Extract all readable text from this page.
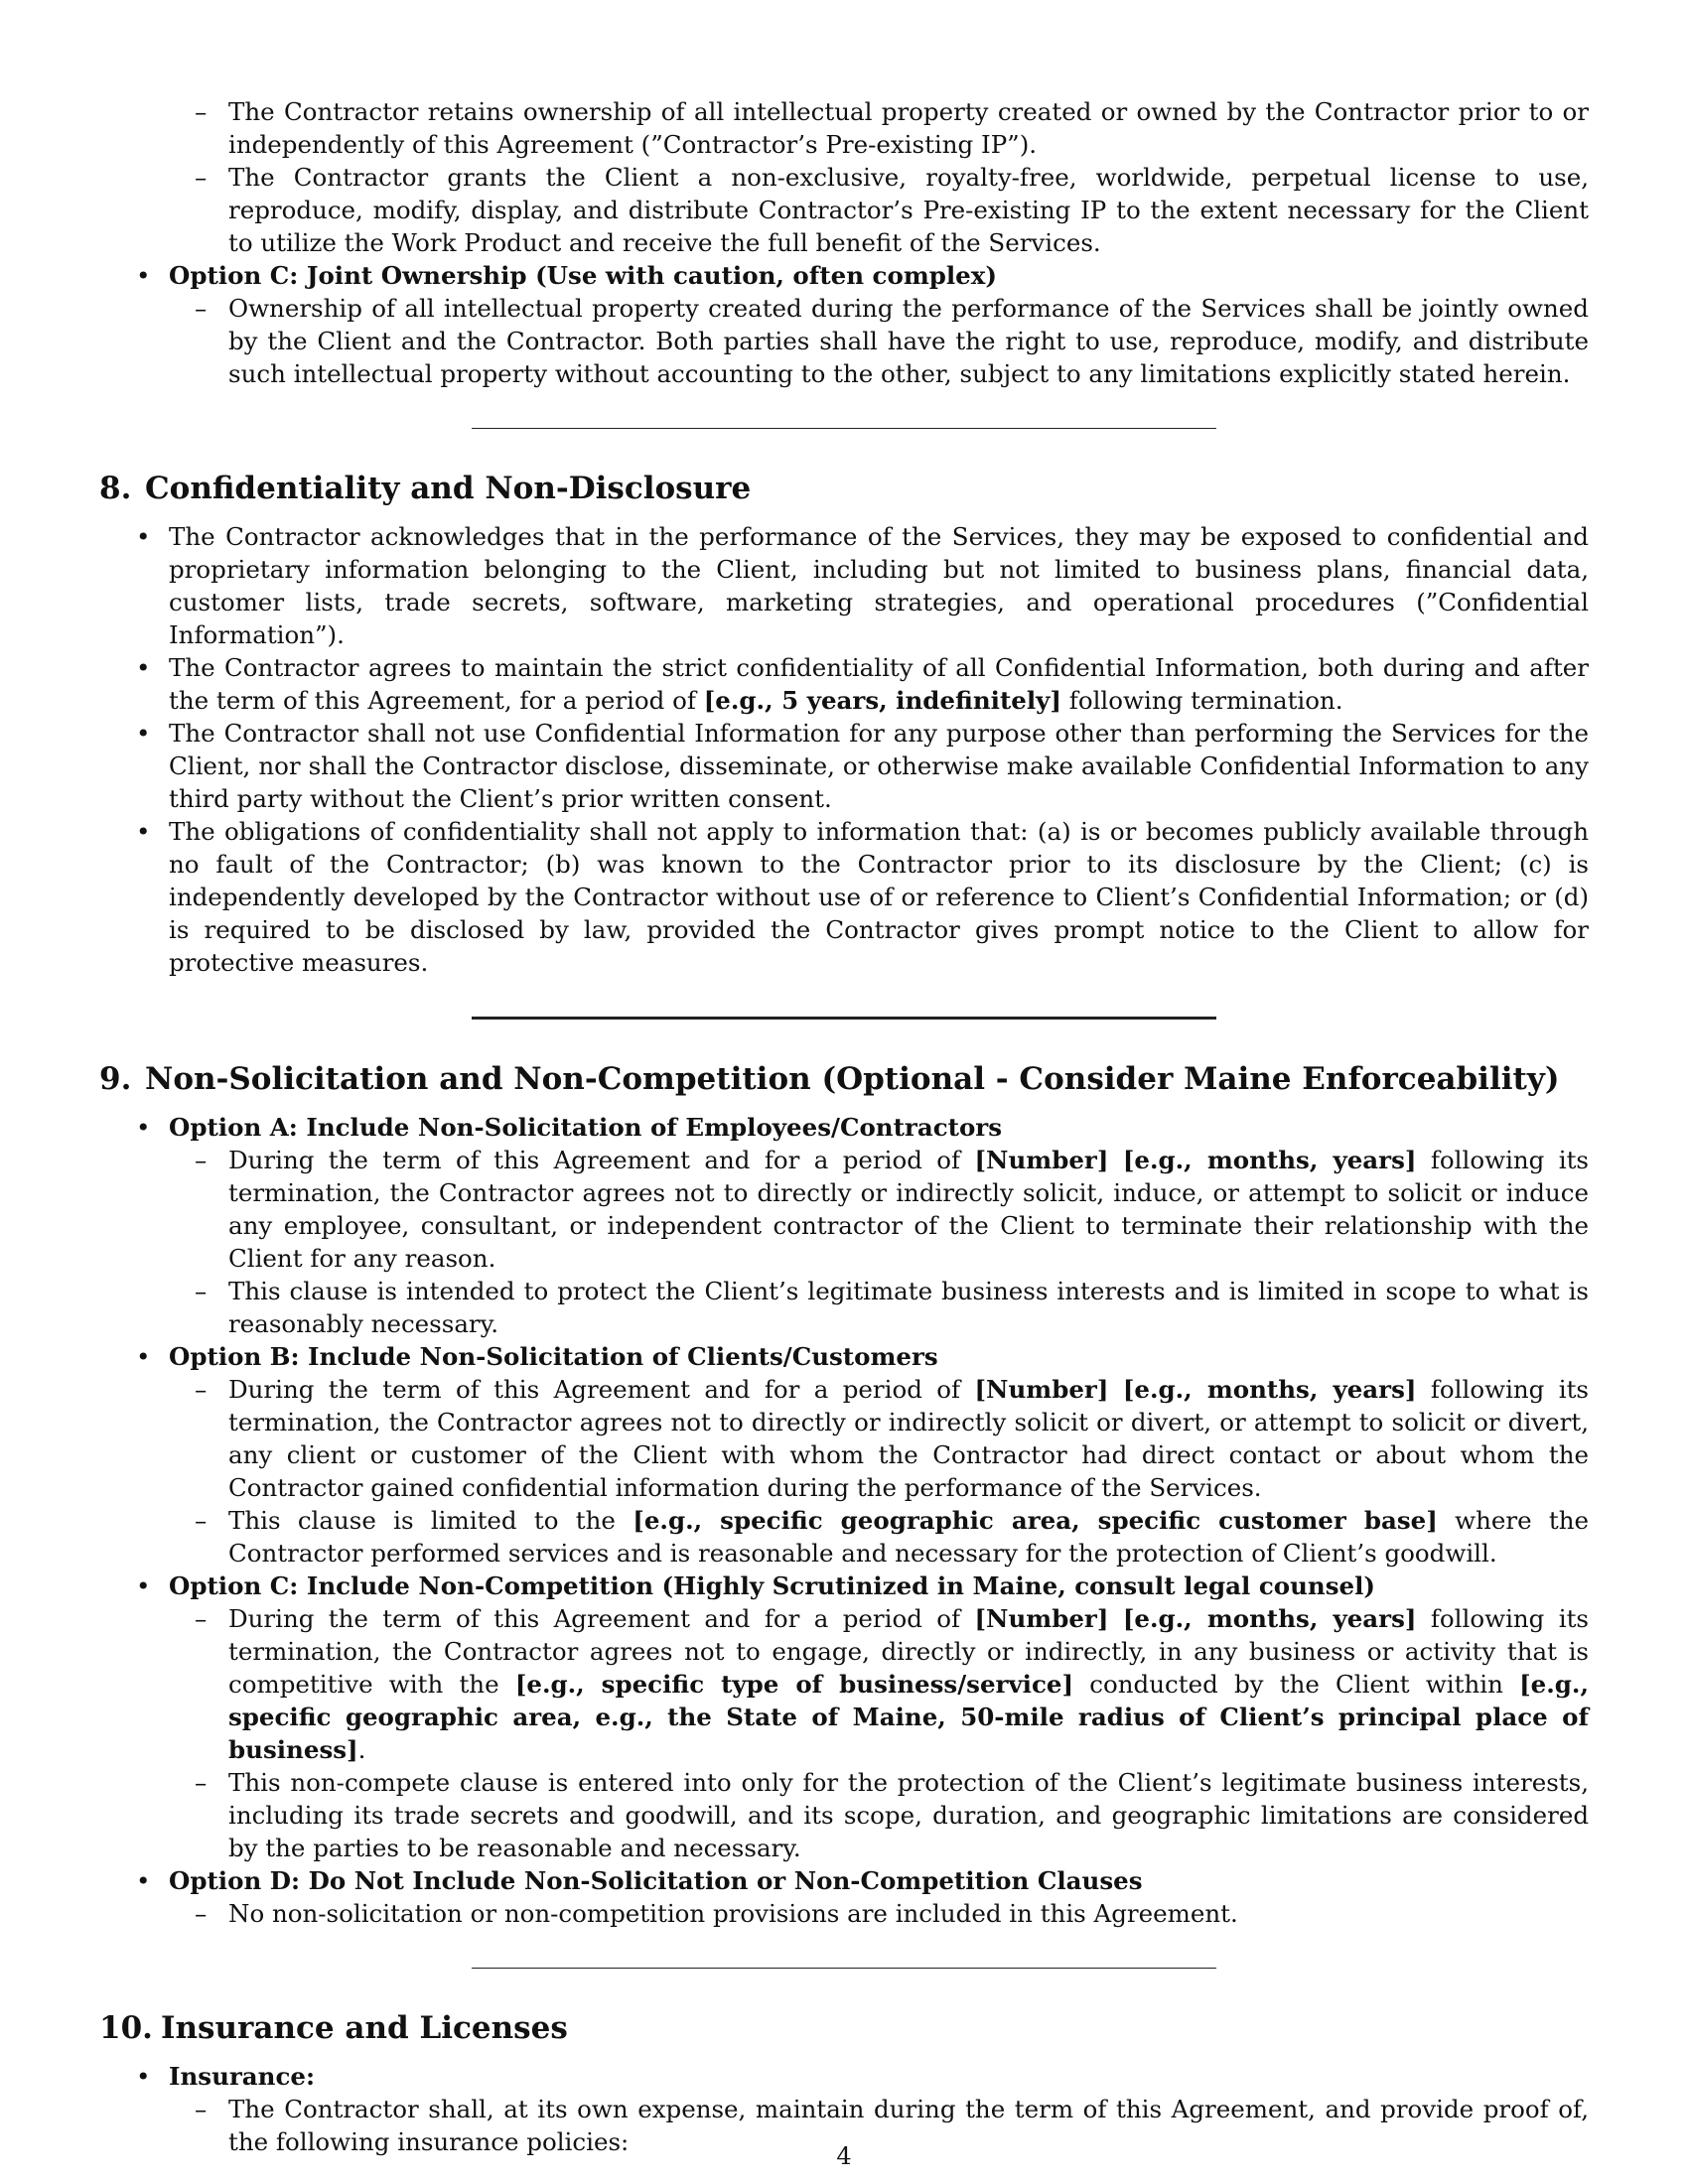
– The Contractor retains ownership of all intellectual property created or owned by the Contractor prior to or independently of this Agreement (”Contractor’s Pre-existing IP”).

– The Contractor grants the Client a non-exclusive, royalty-free, worldwide, perpetual license to use, reproduce, modify, display, and distribute Contractor’s Pre-existing IP to the extent necessary for the Client to utilize the Work Product and receive the full benefit of the Services.

• Option C: Joint Ownership (Use with caution, often complex)

– Ownership of all intellectual property created during the performance of the Services shall be jointly owned by the Client and the Contractor. Both parties shall have the right to use, reproduce, modify, and distribute such intellectual property without accounting to the other, subject to any limitations explicitly stated herein.

8. Confidentiality and Non-Disclosure

• The Contractor acknowledges that in the performance of the Services, they may be exposed to confidential and proprietary information belonging to the Client, including but not limited to business plans, financial data, customer lists, trade secrets, software, marketing strategies, and operational procedures (”Confidential Information”).

• The Contractor agrees to maintain the strict confidentiality of all Confidential Information, both during and after the term of this Agreement, for a period of [e.g., 5 years, indefinitely] following termination.

• The Contractor shall not use Confidential Information for any purpose other than performing the Services for the Client, nor shall the Contractor disclose, disseminate, or otherwise make available Confidential Information to any third party without the Client’s prior written consent.

• The obligations of confidentiality shall not apply to information that: (a) is or becomes publicly available through no fault of the Contractor; (b) was known to the Contractor prior to its disclosure by the Client; (c) is independently developed by the Contractor without use of or reference to Client’s Confidential Information; or (d) is required to be disclosed by law, provided the Contractor gives prompt notice to the Client to allow for protective measures.

9. Non-Solicitation and Non-Competition (Optional - Consider Maine Enforceability)

• Option A: Include Non-Solicitation of Employees/Contractors

– During the term of this Agreement and for a period of [Number] [e.g., months, years] following its termination, the Contractor agrees not to directly or indirectly solicit, induce, or attempt to solicit or induce any employee, consultant, or independent contractor of the Client to terminate their relationship with the Client for any reason.

– This clause is intended to protect the Client’s legitimate business interests and is limited in scope to what is reasonably necessary.

• Option B: Include Non-Solicitation of Clients/Customers

– During the term of this Agreement and for a period of [Number] [e.g., months, years] following its termination, the Contractor agrees not to directly or indirectly solicit or divert, or attempt to solicit or divert, any client or customer of the Client with whom the Contractor had direct contact or about whom the Contractor gained confidential information during the performance of the Services.

– This clause is limited to the [e.g., specific geographic area, specific customer base] where the Contractor performed services and is reasonable and necessary for the protection of Client’s goodwill.

• Option C: Include Non-Competition (Highly Scrutinized in Maine, consult legal counsel)

– During the term of this Agreement and for a period of [Number] [e.g., months, years] following its termination, the Contractor agrees not to engage, directly or indirectly, in any business or activity that is competitive with the [e.g., specific type of business/service] conducted by the Client within [e.g., specific geographic area, e.g., the State of Maine, 50-mile radius of Client’s principal place of business].

– This non-compete clause is entered into only for the protection of the Client’s legitimate business interests, including its trade secrets and goodwill, and its scope, duration, and geographic limitations are considered by the parties to be reasonable and necessary.

• Option D: Do Not Include Non-Solicitation or Non-Competition Clauses

– No non-solicitation or non-competition provisions are included in this Agreement.

10. Insurance and Licenses

• Insurance:

– The Contractor shall, at its own expense, maintain during the term of this Agreement, and provide proof of, the following insurance policies:	4
